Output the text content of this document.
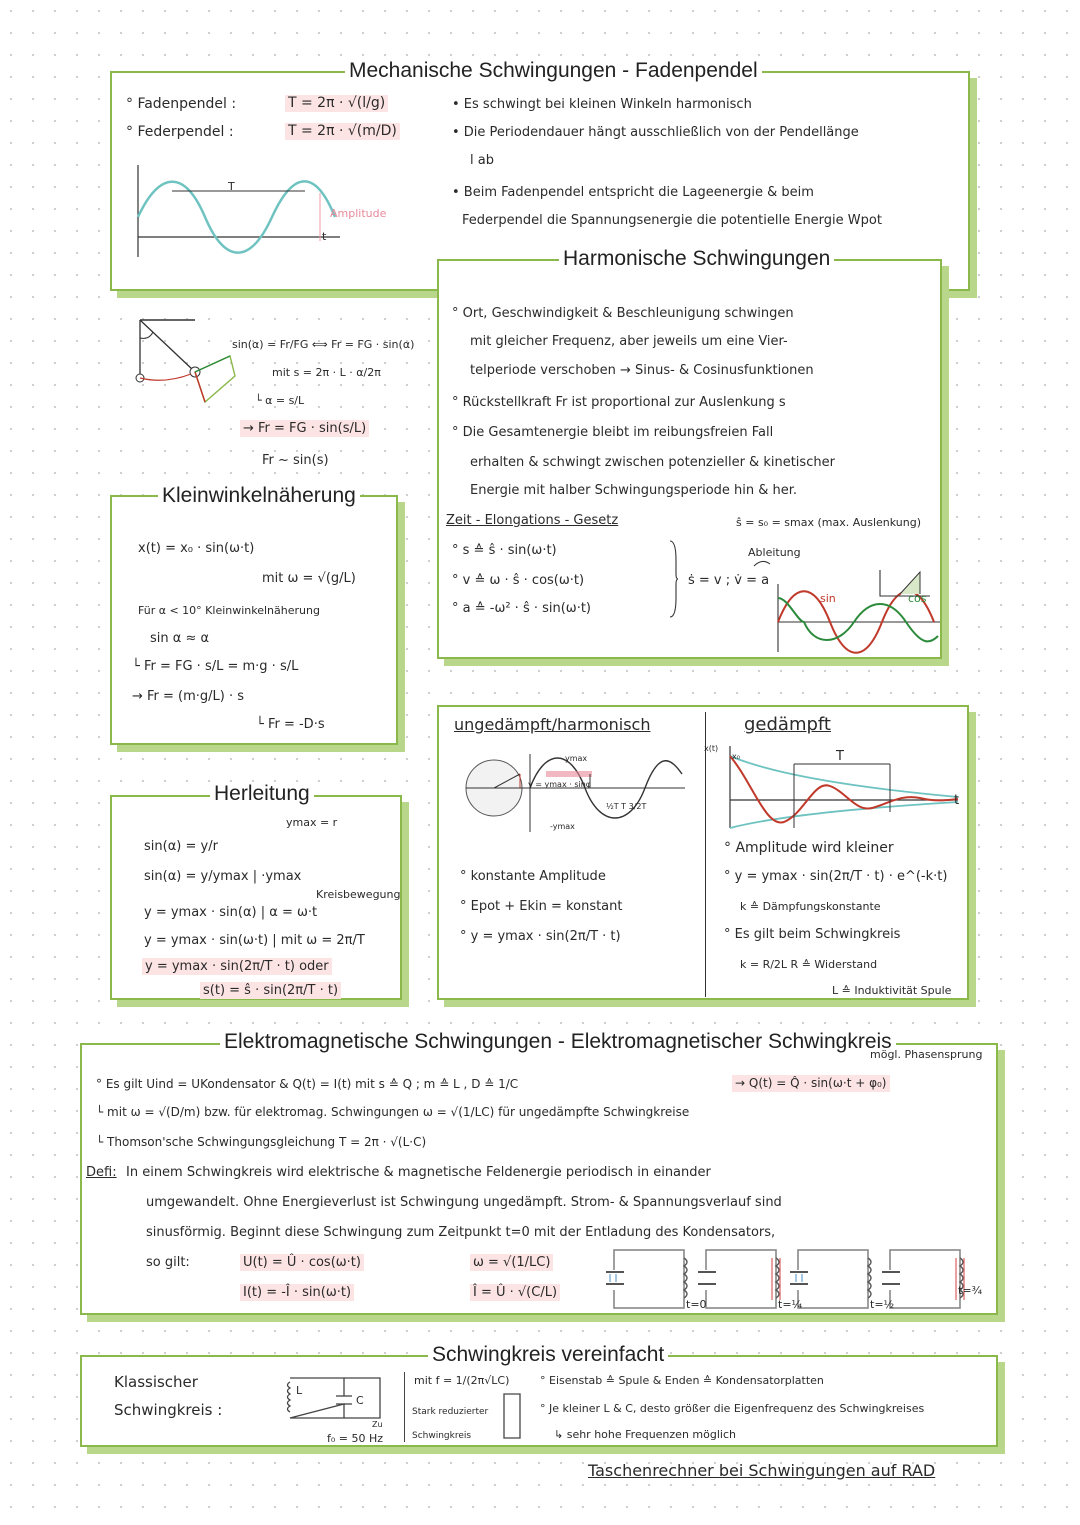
Mechanische Schwingungen - Fadenpendel
° Fadenpendel :	T = 2π · √(l/g)
° Federpendel :	T = 2π · √(m/D)
T
Amplitude
t
• Es schwingt bei kleinen Winkeln harmonisch
• Die Periodendauer hängt ausschließlich von der Pendellänge
l ab
• Beim Fadenpendel entspricht die Lageenergie & beim
Federpendel die Spannungsenergie die potentielle Energie Wpot
sin(α) = Fr/FG ⟺ Fr = FG · sin(α)
mit s = 2π · L · α/2π
└ α = s/L
→ Fr = FG · sin(s/L)
Fr ~ sin(s)
Harmonische Schwingungen
° Ort, Geschwindigkeit & Beschleunigung schwingen
mit gleicher Frequenz, aber jeweils um eine Vier-
telperiode verschoben → Sinus- & Cosinusfunktionen
° Rückstellkraft Fr ist proportional zur Auslenkung s
° Die Gesamtenergie bleibt im reibungsfreien Fall
erhalten & schwingt zwischen potenzieller & kinetischer
Energie mit halber Schwingungsperiode hin & her.
Zeit - Elongations - Gesetz	ŝ = s₀ = smax (max. Auslenkung)
° s ≙ ŝ · sin(ω·t)
° v ≙ ω · ŝ · cos(ω·t)
° a ≙ -ω² · ŝ · sin(ω·t)
ṡ = v ; v̇ = a
Ableitung
sin	cos
Kleinwinkelnäherung
x(t) = x₀ · sin(ω·t)
mit ω = √(g/L)
Für α < 10° Kleinwinkelnäherung
sin α ≈ α
└ Fr = FG · s/L = m·g · s/L
→ Fr = (m·g/L) · s
└ Fr = -D·s
Herleitung
ymax = r
sin(α) = y/r
sin(α) = y/ymax | ·ymax
Kreisbewegung
y = ymax · sin(α) | α = ω·t
y = ymax · sin(ω·t) | mit ω = 2π/T
y = ymax · sin(2π/T · t) oder
s(t) = ŝ · sin(2π/T · t)
ungedämpft/harmonisch	gedämpft
ymax
y = ymax · sinφ
-ymax
½T T 3/2T
° konstante Amplitude
° Epot + Ekin = konstant
° y = ymax · sin(2π/T · t)
x(t)
x₀	T
t
° Amplitude wird kleiner
° y = ymax · sin(2π/T · t) · e^(-k·t)
k ≙ Dämpfungskonstante
° Es gilt beim Schwingkreis
k = R/2L R ≙ Widerstand
L ≙ Induktivität Spule
Elektromagnetische Schwingungen - Elektromagnetischer Schwingkreis
mögl. Phasensprung
° Es gilt Uind = UKondensator & Q(t) = I(t) mit s ≙ Q ; m ≙ L , D ≙ 1/C	→ Q(t) = Q̂ · sin(ω·t + φ₀)
└ mit ω = √(D/m) bzw. für elektromag. Schwingungen ω = √(1/LC) für ungedämpfte Schwingkreise
└ Thomson'sche Schwingungsgleichung T = 2π · √(L·C)
Defi: In einem Schwingkreis wird elektrische & magnetische Feldenergie periodisch in einander
umgewandelt. Ohne Energieverlust ist Schwingung ungedämpft. Strom- & Spannungsverlauf sind
sinusförmig. Beginnt diese Schwingung zum Zeitpunkt t=0 mit der Entladung des Kondensators,
so gilt:	U(t) = Û · cos(ω·t)
I(t) = -Î · sin(ω·t)
ω = √(1/LC)
Î = Û · √(C/L)
t=0	t=¼	t=½
t=¾
Schwingkreis vereinfacht
Klassischer
Schwingkreis :
L
C
Zu
f₀ = 50 Hz
mit f = 1/(2π√LC)
Stark reduzierter
Schwingkreis
° Eisenstab ≙ Spule & Enden ≙ Kondensatorplatten
° Je kleiner L & C, desto größer die Eigenfrequenz des Schwingkreises
↳ sehr hohe Frequenzen möglich
Taschenrechner bei Schwingungen auf RAD
